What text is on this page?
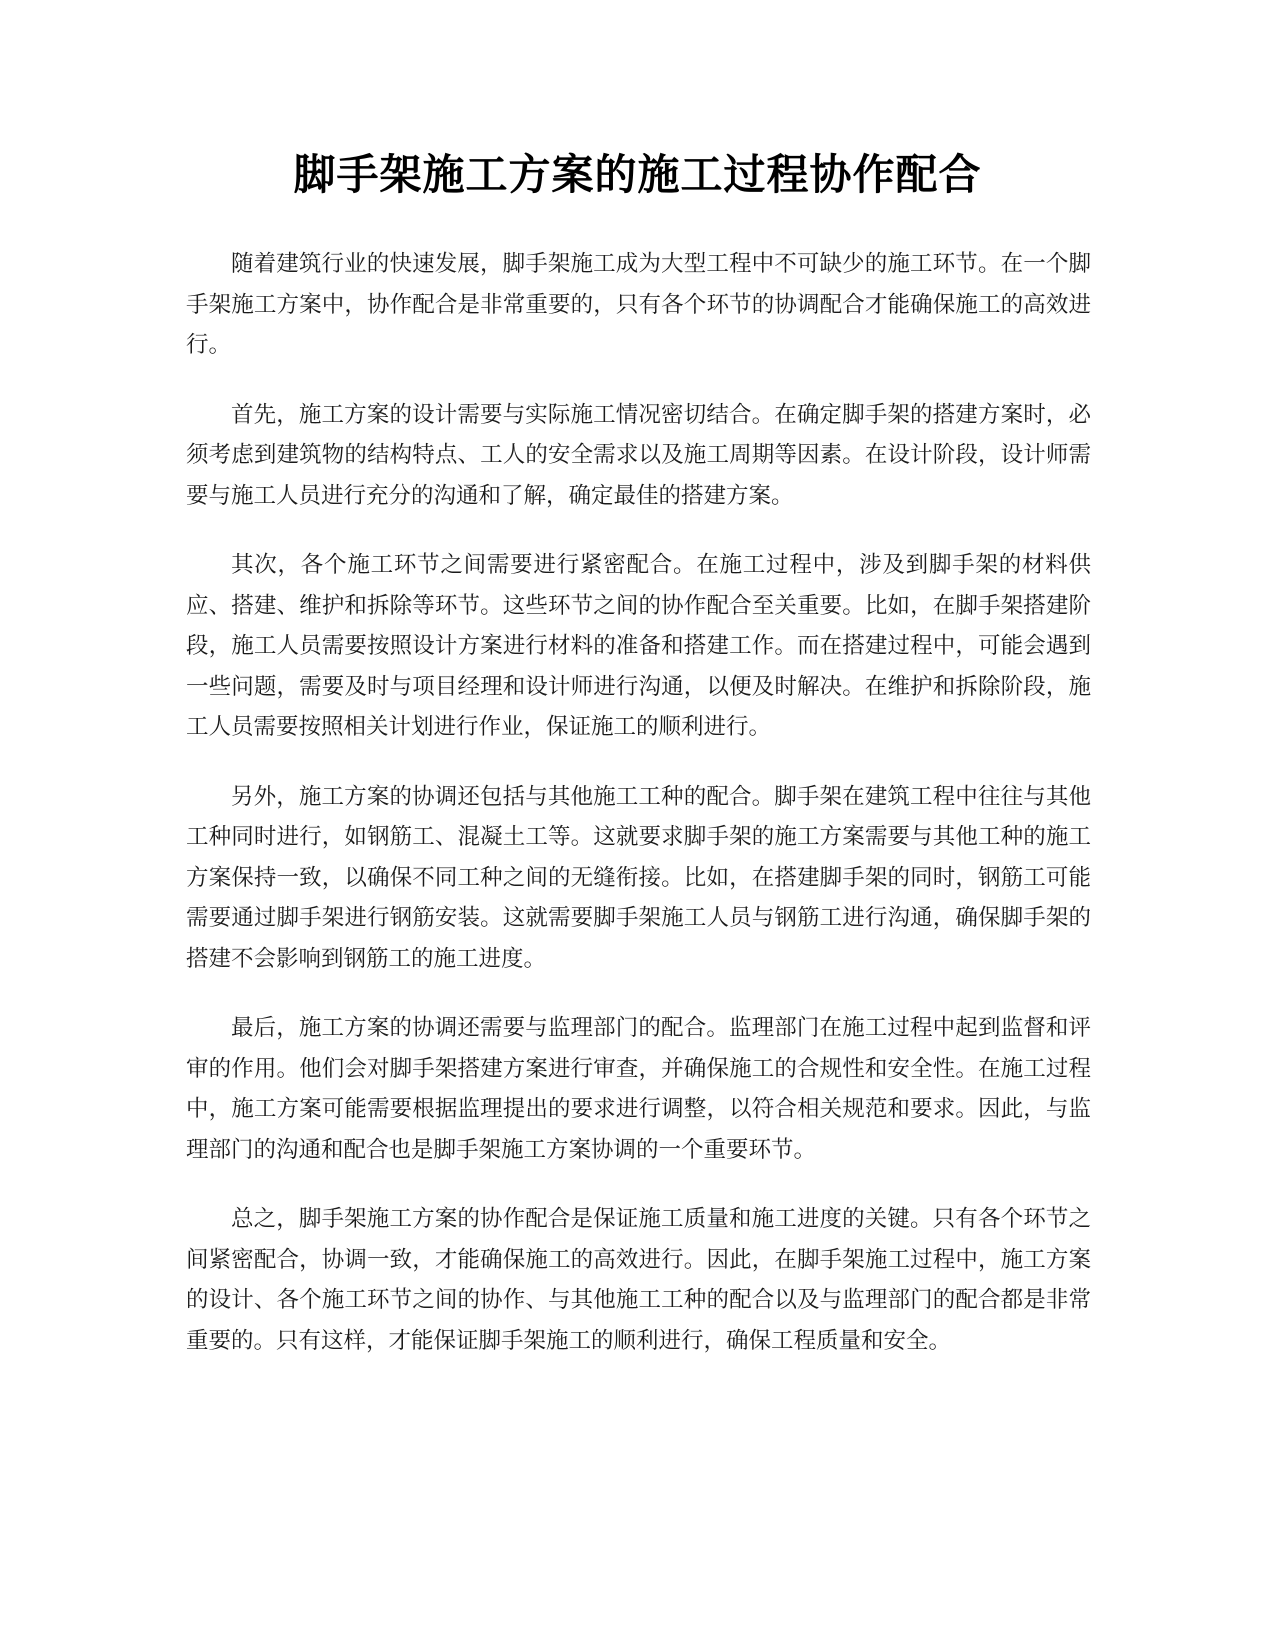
脚手架施工方案的施工过程协作配合

随着建筑行业的快速发展，脚手架施工成为大型工程中不可缺少的施工环节。在一个脚手架施工方案中，协作配合是非常重要的，只有各个环节的协调配合才能确保施工的高效进行。

首先，施工方案的设计需要与实际施工情况密切结合。在确定脚手架的搭建方案时，必须考虑到建筑物的结构特点、工人的安全需求以及施工周期等因素。在设计阶段，设计师需要与施工人员进行充分的沟通和了解，确定最佳的搭建方案。

其次，各个施工环节之间需要进行紧密配合。在施工过程中，涉及到脚手架的材料供应、搭建、维护和拆除等环节。这些环节之间的协作配合至关重要。比如，在脚手架搭建阶段，施工人员需要按照设计方案进行材料的准备和搭建工作。而在搭建过程中，可能会遇到一些问题，需要及时与项目经理和设计师进行沟通，以便及时解决。在维护和拆除阶段，施工人员需要按照相关计划进行作业，保证施工的顺利进行。

另外，施工方案的协调还包括与其他施工工种的配合。脚手架在建筑工程中往往与其他工种同时进行，如钢筋工、混凝土工等。这就要求脚手架的施工方案需要与其他工种的施工方案保持一致，以确保不同工种之间的无缝衔接。比如，在搭建脚手架的同时，钢筋工可能需要通过脚手架进行钢筋安装。这就需要脚手架施工人员与钢筋工进行沟通，确保脚手架的搭建不会影响到钢筋工的施工进度。

最后，施工方案的协调还需要与监理部门的配合。监理部门在施工过程中起到监督和评审的作用。他们会对脚手架搭建方案进行审查，并确保施工的合规性和安全性。在施工过程中，施工方案可能需要根据监理提出的要求进行调整，以符合相关规范和要求。因此，与监理部门的沟通和配合也是脚手架施工方案协调的一个重要环节。

总之，脚手架施工方案的协作配合是保证施工质量和施工进度的关键。只有各个环节之间紧密配合，协调一致，才能确保施工的高效进行。因此，在脚手架施工过程中，施工方案的设计、各个施工环节之间的协作、与其他施工工种的配合以及与监理部门的配合都是非常重要的。只有这样，才能保证脚手架施工的顺利进行，确保工程质量和安全。
